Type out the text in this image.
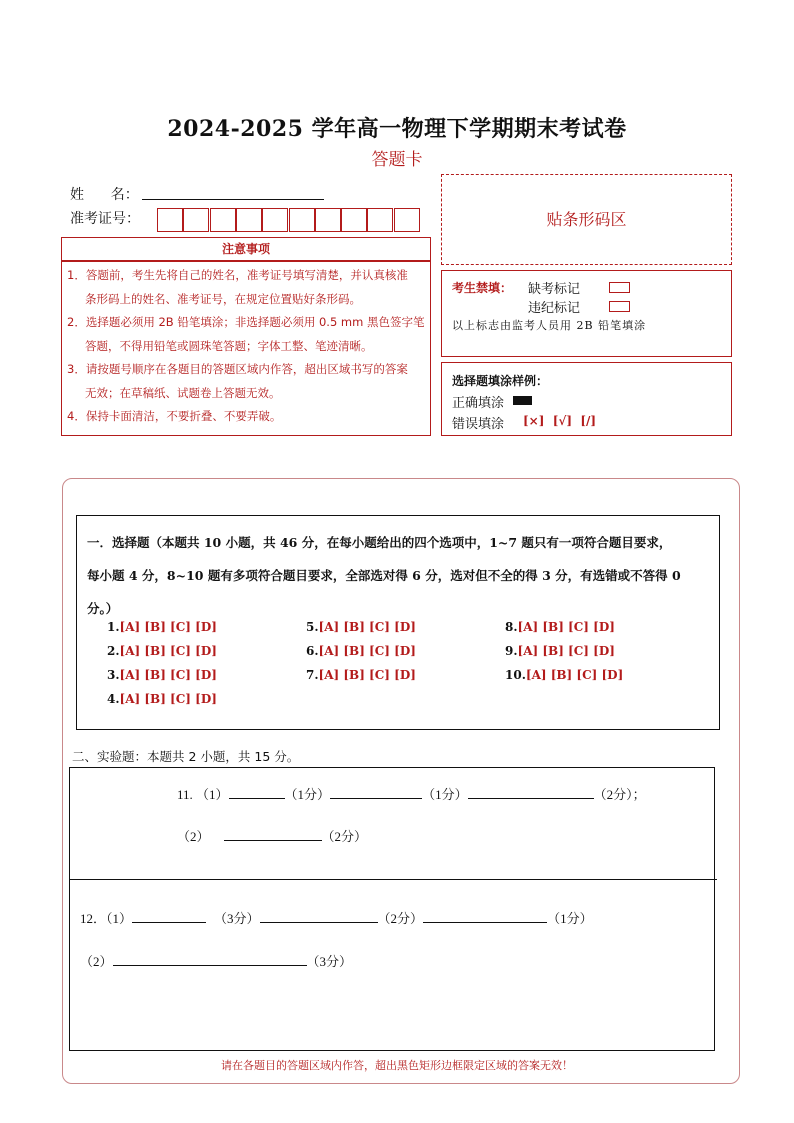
2024-2025 学年高一物理下学期期末考试卷
答题卡
姓      名：
准考证号：	贴条形码区
注意事项

1．答题前，考生先将自己的姓名，准考证号填写清楚，并认真核准

条形码上的姓名、准考证号，在规定位置贴好条形码。

2．选择题必须用 2B 铅笔填涂；非选择题必须用 0.5 mm 黑色签字笔

答题，不得用铅笔或圆珠笔答题；字体工整、笔迹清晰。

3．请按题号顺序在各题目的答题区域内作答，超出区域书写的答案

无效；在草稿纸、试题卷上答题无效。

4．保持卡面清洁，不要折叠、不要弄破。

考生禁填： 缺考标记
违纪标记
以上标志由监考人员用 2B 铅笔填涂
选择题填涂样例：
正确填涂
错误填涂 [×]  [√]  [/]
一．选择题（本题共 10 小题，共 46 分，在每小题给出的四个选项中，1~7 题只有一项符合题目要求，
每小题 4 分，8~10 题有多项符合题目要求，全部选对得 6 分，选对但不全的得 3 分，有选错或不答得 0
分。）
1.[A] [B] [C] [D]
2.[A] [B] [C] [D]
3.[A] [B] [C] [D]
4.[A] [B] [C] [D]
5.[A] [B] [C] [D]
6.[A] [B] [C] [D]
7.[A] [B] [C] [D]
8.[A] [B] [C] [D]
9.[A] [B] [C] [D]
10.[A] [B] [C] [D]
二、实验题：本题共 2 小题，共 15 分。
11. （1）	（1分）	（1分）	（2分）；
（2）	（2分）
12．（1）	（3分）	（2分）	（1分）
（2）	（3分）
请在各题目的答题区域内作答，超出黑色矩形边框限定区域的答案无效！
